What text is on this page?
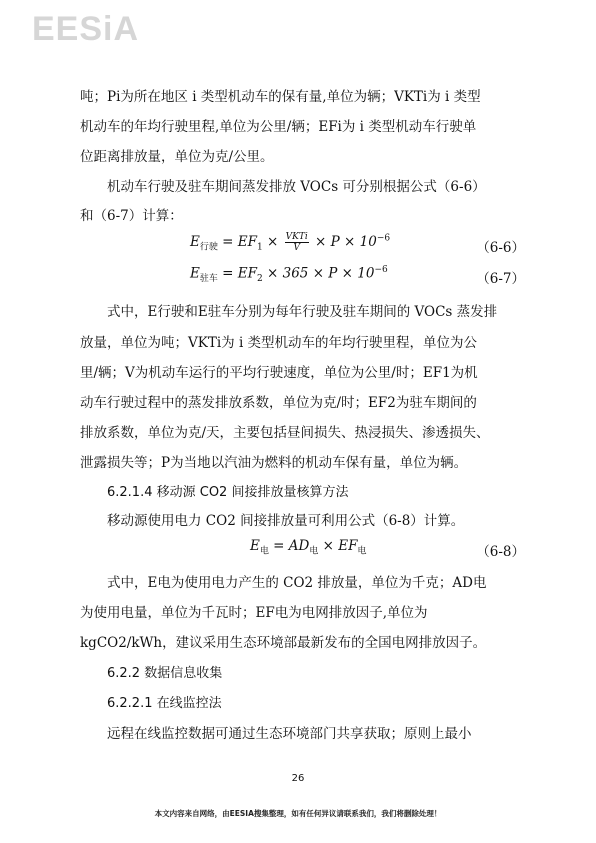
EESiA
吨；Pi为所在地区 i 类型机动车的保有量,单位为辆；VKTi为 i 类型
机动车的年均行驶里程,单位为公里/辆；EFi为 i 类型机动车行驶单
位距离排放量，单位为克/公里。
机动车行驶及驻车期间蒸发排放 VOCs 可分别根据公式（6-6）
和（6-7）计算：
$E_{行驶} = EF_1 \times \frac{\text{VKTi}}{V} \times P \times 10^{-6}$
（6-6）
$E_{驻车} = EF_2 \times 365 \times P \times 10^{-6}$
（6-7）
式中，E行驶和E驻车分别为每年行驶及驻车期间的 VOCs 蒸发排
放量，单位为吨；VKTi为 i 类型机动车的年均行驶里程，单位为公
里/辆；V为机动车运行的平均行驶速度，单位为公里/时；EF1为机
动车行驶过程中的蒸发排放系数，单位为克/时；EF2为驻车期间的
排放系数，单位为克/天，主要包括昼间损失、热浸损失、渗透损失、
泄露损失等；P为当地以汽油为燃料的机动车保有量，单位为辆。
6.2.1.4 移动源 CO2 间接排放量核算方法
移动源使用电力 CO2 间接排放量可利用公式（6-8）计算。
$E_电 = AD_电 \times EF_电$	（6-8）
式中，E电为使用电力产生的 CO2 排放量，单位为千克；AD电
为使用电量，单位为千瓦时；EF电为电网排放因子,单位为
kgCO2/kWh，建议采用生态环境部最新发布的全国电网排放因子。
6.2.2 数据信息收集
6.2.2.1 在线监控法
远程在线监控数据可通过生态环境部门共享获取；原则上最小
26
本文内容来自网络，由EESIA搜集整理，如有任何异议请联系我们，我们将删除处理！
